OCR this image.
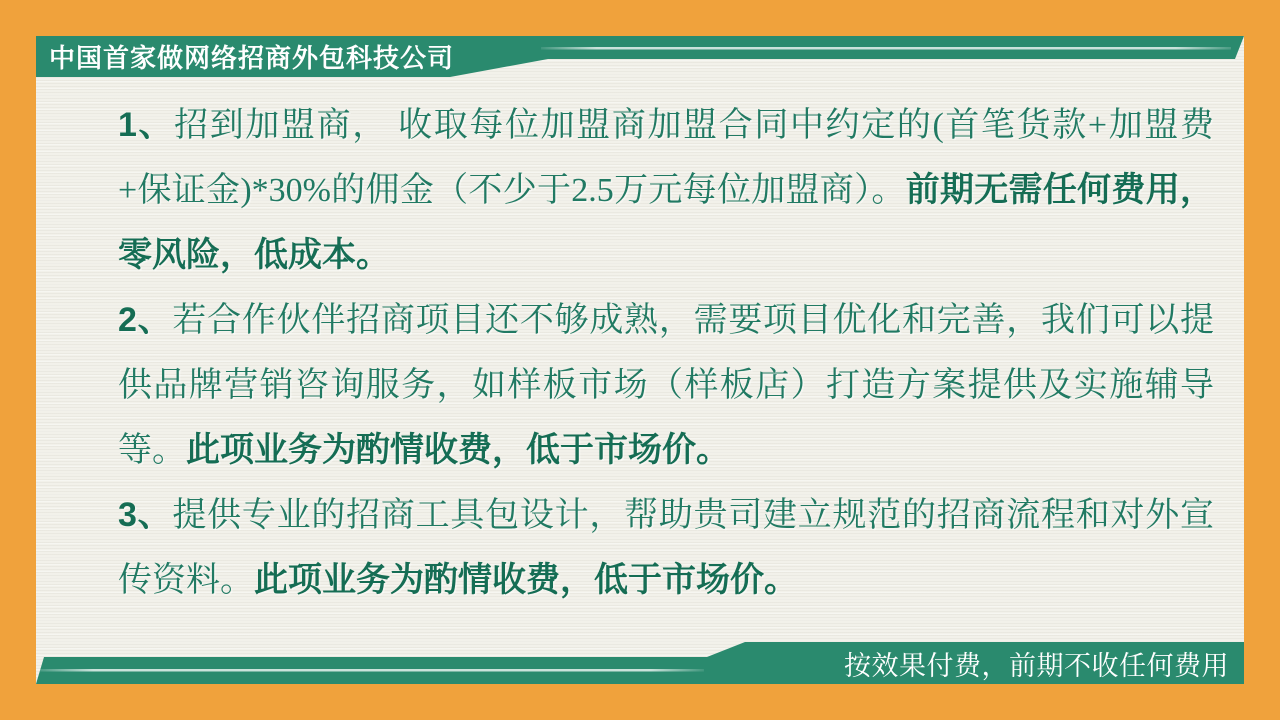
中国首家做网络招商外包科技公司

1、招到加盟商， 收取每位加盟商加盟合同中约定的(首笔货款+加盟费+保证金)*30%的佣金（不少于2.5万元每位加盟商）。前期无需任何费用，零风险，低成本。

2、若合作伙伴招商项目还不够成熟，需要项目优化和完善，我们可以提供品牌营销咨询服务，如样板市场（样板店）打造方案提供及实施辅导等。此项业务为酌情收费，低于市场价。

3、提供专业的招商工具包设计，帮助贵司建立规范的招商流程和对外宣传资料。此项业务为酌情收费，低于市场价。

按效果付费，前期不收任何费用
